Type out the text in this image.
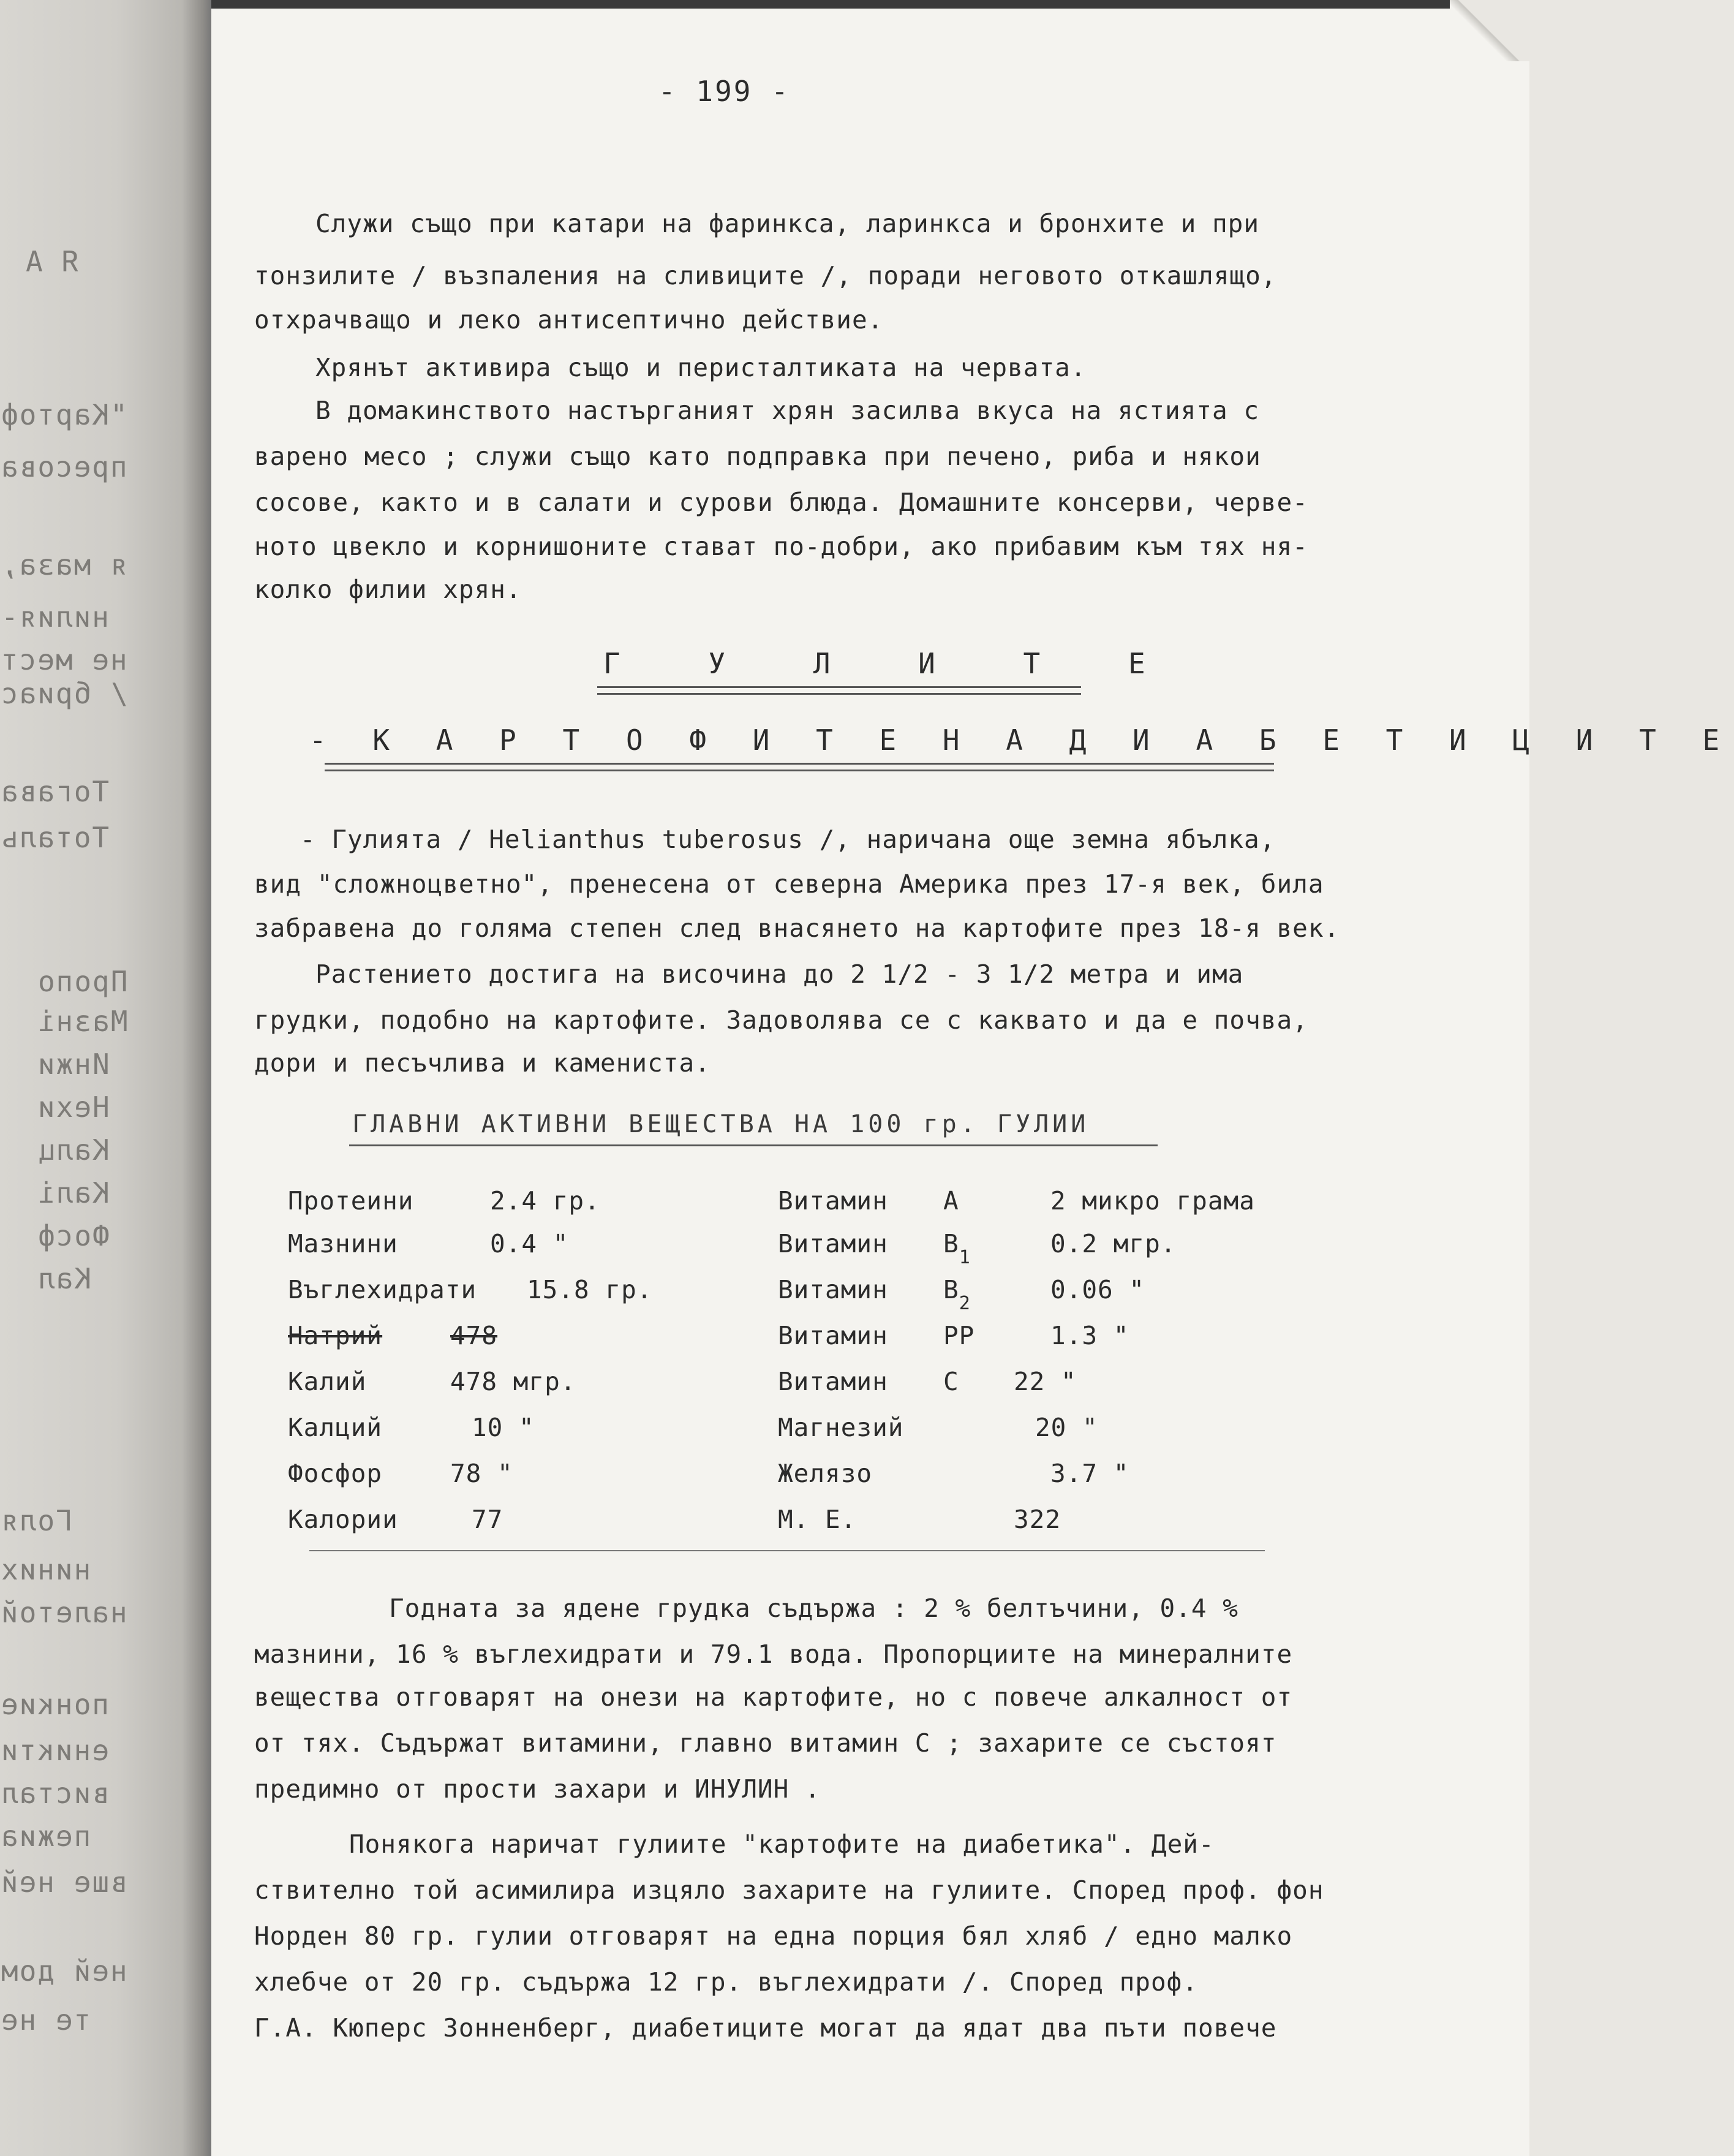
Я А
"Картоф
пресова
я маза,
нилия-
не мест
/ бриас
Тогава
Тоталь
Пропо
Мазні
Инжи
Нехи
Калц
Калі
Фосф
Кал
Голя
ниних
налетой
понкие
еникти
вистал
пежиа
вше ней
ней дом
те не
- 199 -
Служи също при катари на фаринкса, ларинкса и бронхите и при
тонзилите / възпаления на сливиците /, поради неговото откашлящо,
отхрачващо и леко антисептично действие.
Хрянът активира също и перисталтиката на червата.
В домакинството настърганият хрян засилва вкуса на ястията с
варено месо ; служи също като подправка при печено, риба и някои
сосове, както и в салати и сурови блюда. Домашните консерви, черве-
ното цвекло и корнишоните стават по-добри, ако прибавим към тях ня-
колко филии хрян.
Г У Л И Т Е
- К А Р Т О Ф И Т Е Н А Д И А Б Е Т И Ц И Т Е
- Гулията / Helianthus tuberosus /, наричана още земна ябълка,
вид "сложноцветно", пренесена от северна Америка през 17-я век, била
забравена до голяма степен след внасянето на картофите през 18-я век.
Растението достига на височина до 2 1/2 - 3 1/2 метра и има
грудки, подобно на картофите. Задоволява се с каквато и да е почва,
дори и песъчлива и камениста.
ГЛАВНИ АКТИВНИ ВЕЩЕСТВА НА 100 гр. ГУЛИИ
Протеини	2.4 гр.
Мазнини	0.4 "
Въглехидрати 15.8 гр.
Натрий	478
Калий	478 мгр.
Калций	10 "
Фосфор	78 "
Калории	77
Витамин А	2 микро грама
Витамин $B_1$	0.2 мгр.
Витамин $B_2$	0.06 "
Витамин PP	1.3 "
Витамин C 22 "
Магнезий	20 "
Желязо	3.7 "
М. Е.	322
Годната за ядене грудка съдържа : 2 % белтъчини, 0.4 %
мазнини, 16 % въглехидрати и 79.1 вода. Пропорциите на минералните
вещества отговарят на онези на картофите, но с повече алкалност от
от тях. Съдържат витамини, главно витамин С ; захарите се състоят
предимно от прости захари и ИНУЛИН .
Понякога наричат гулиите "картофите на диабетика". Дей-
ствително той асимилира изцяло захарите на гулиите. Според проф. фон
Норден 80 гр. гулии отговарят на една порция бял хляб / едно малко
хлебче от 20 гр. съдържа 12 гр. въглехидрати /. Според проф.
Г.А. Кюперс Зонненберг, диабетиците могат да ядат два пъти повече
